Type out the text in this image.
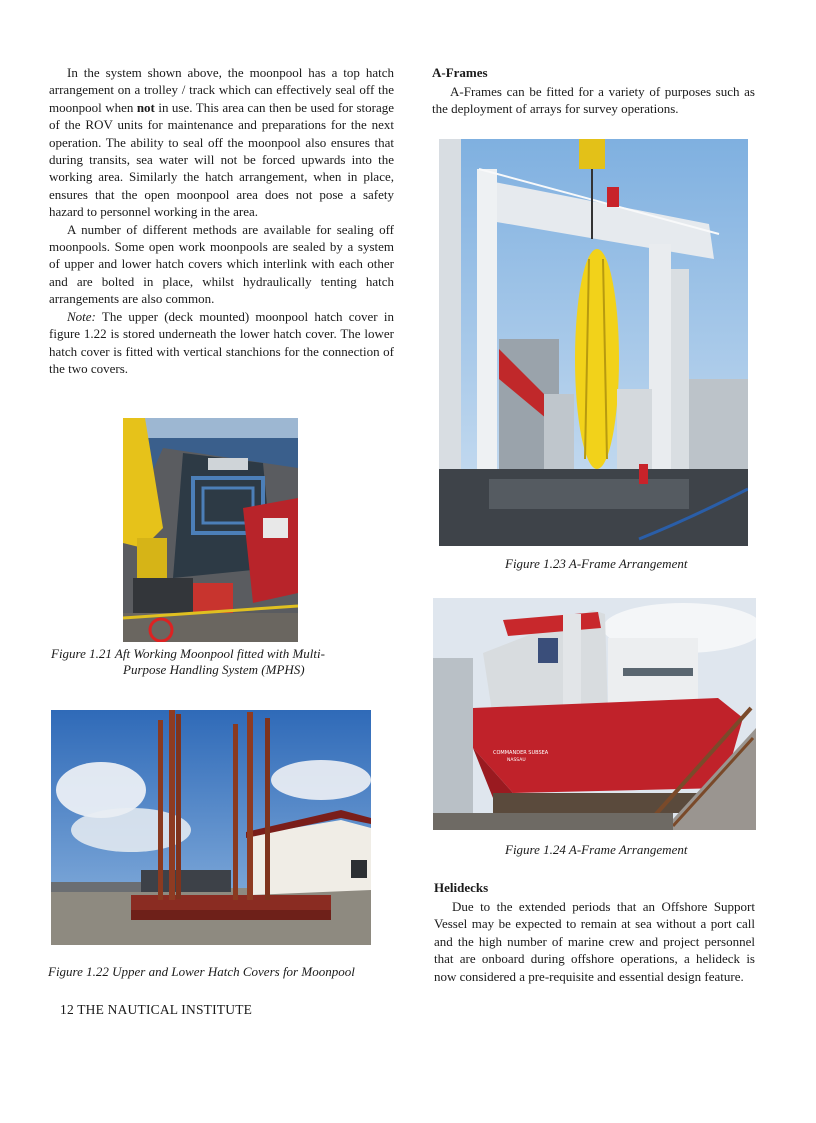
In the system shown above, the moonpool has a top hatch arrangement on a trolley / track which can effectively seal off the moonpool when not in use. This area can then be used for storage of the ROV units for maintenance and preparations for the next operation. The ability to seal off the moonpool also ensures that during transits, sea water will not be forced upwards into the working area. Similarly the hatch arrangement, when in place, ensures that the open moonpool area does not pose a safety hazard to personnel working in the area.

A number of different methods are available for sealing off moonpools. Some open work moonpools are sealed by a system of upper and lower hatch covers which interlink with each other and are bolted in place, whilst hydraulically tenting hatch arrangements are also common.

Note: The upper (deck mounted) moonpool hatch cover in figure 1.22 is stored underneath the lower hatch cover. The lower hatch cover is fitted with vertical stanchions for the connection of the two covers.

Figure 1.21 Aft Working Moonpool fitted with Multi-
Purpose Handling System (MPHS)
Figure 1.22 Upper and Lower Hatch Covers for Moonpool
A-Frames

A-Frames can be fitted for a variety of purposes such as the deployment of arrays for survey operations.

Figure 1.23 A-Frame Arrangement
COMMANDER SUBSEA
NASSAU
Figure 1.24 A-Frame Arrangement
Helidecks

Due to the extended periods that an Offshore Support Vessel may be expected to remain at sea without a port call and the high number of marine crew and project personnel that are onboard during offshore operations, a helideck is now considered a pre-requisite and essential design feature.

12 THE NAUTICAL INSTITUTE
